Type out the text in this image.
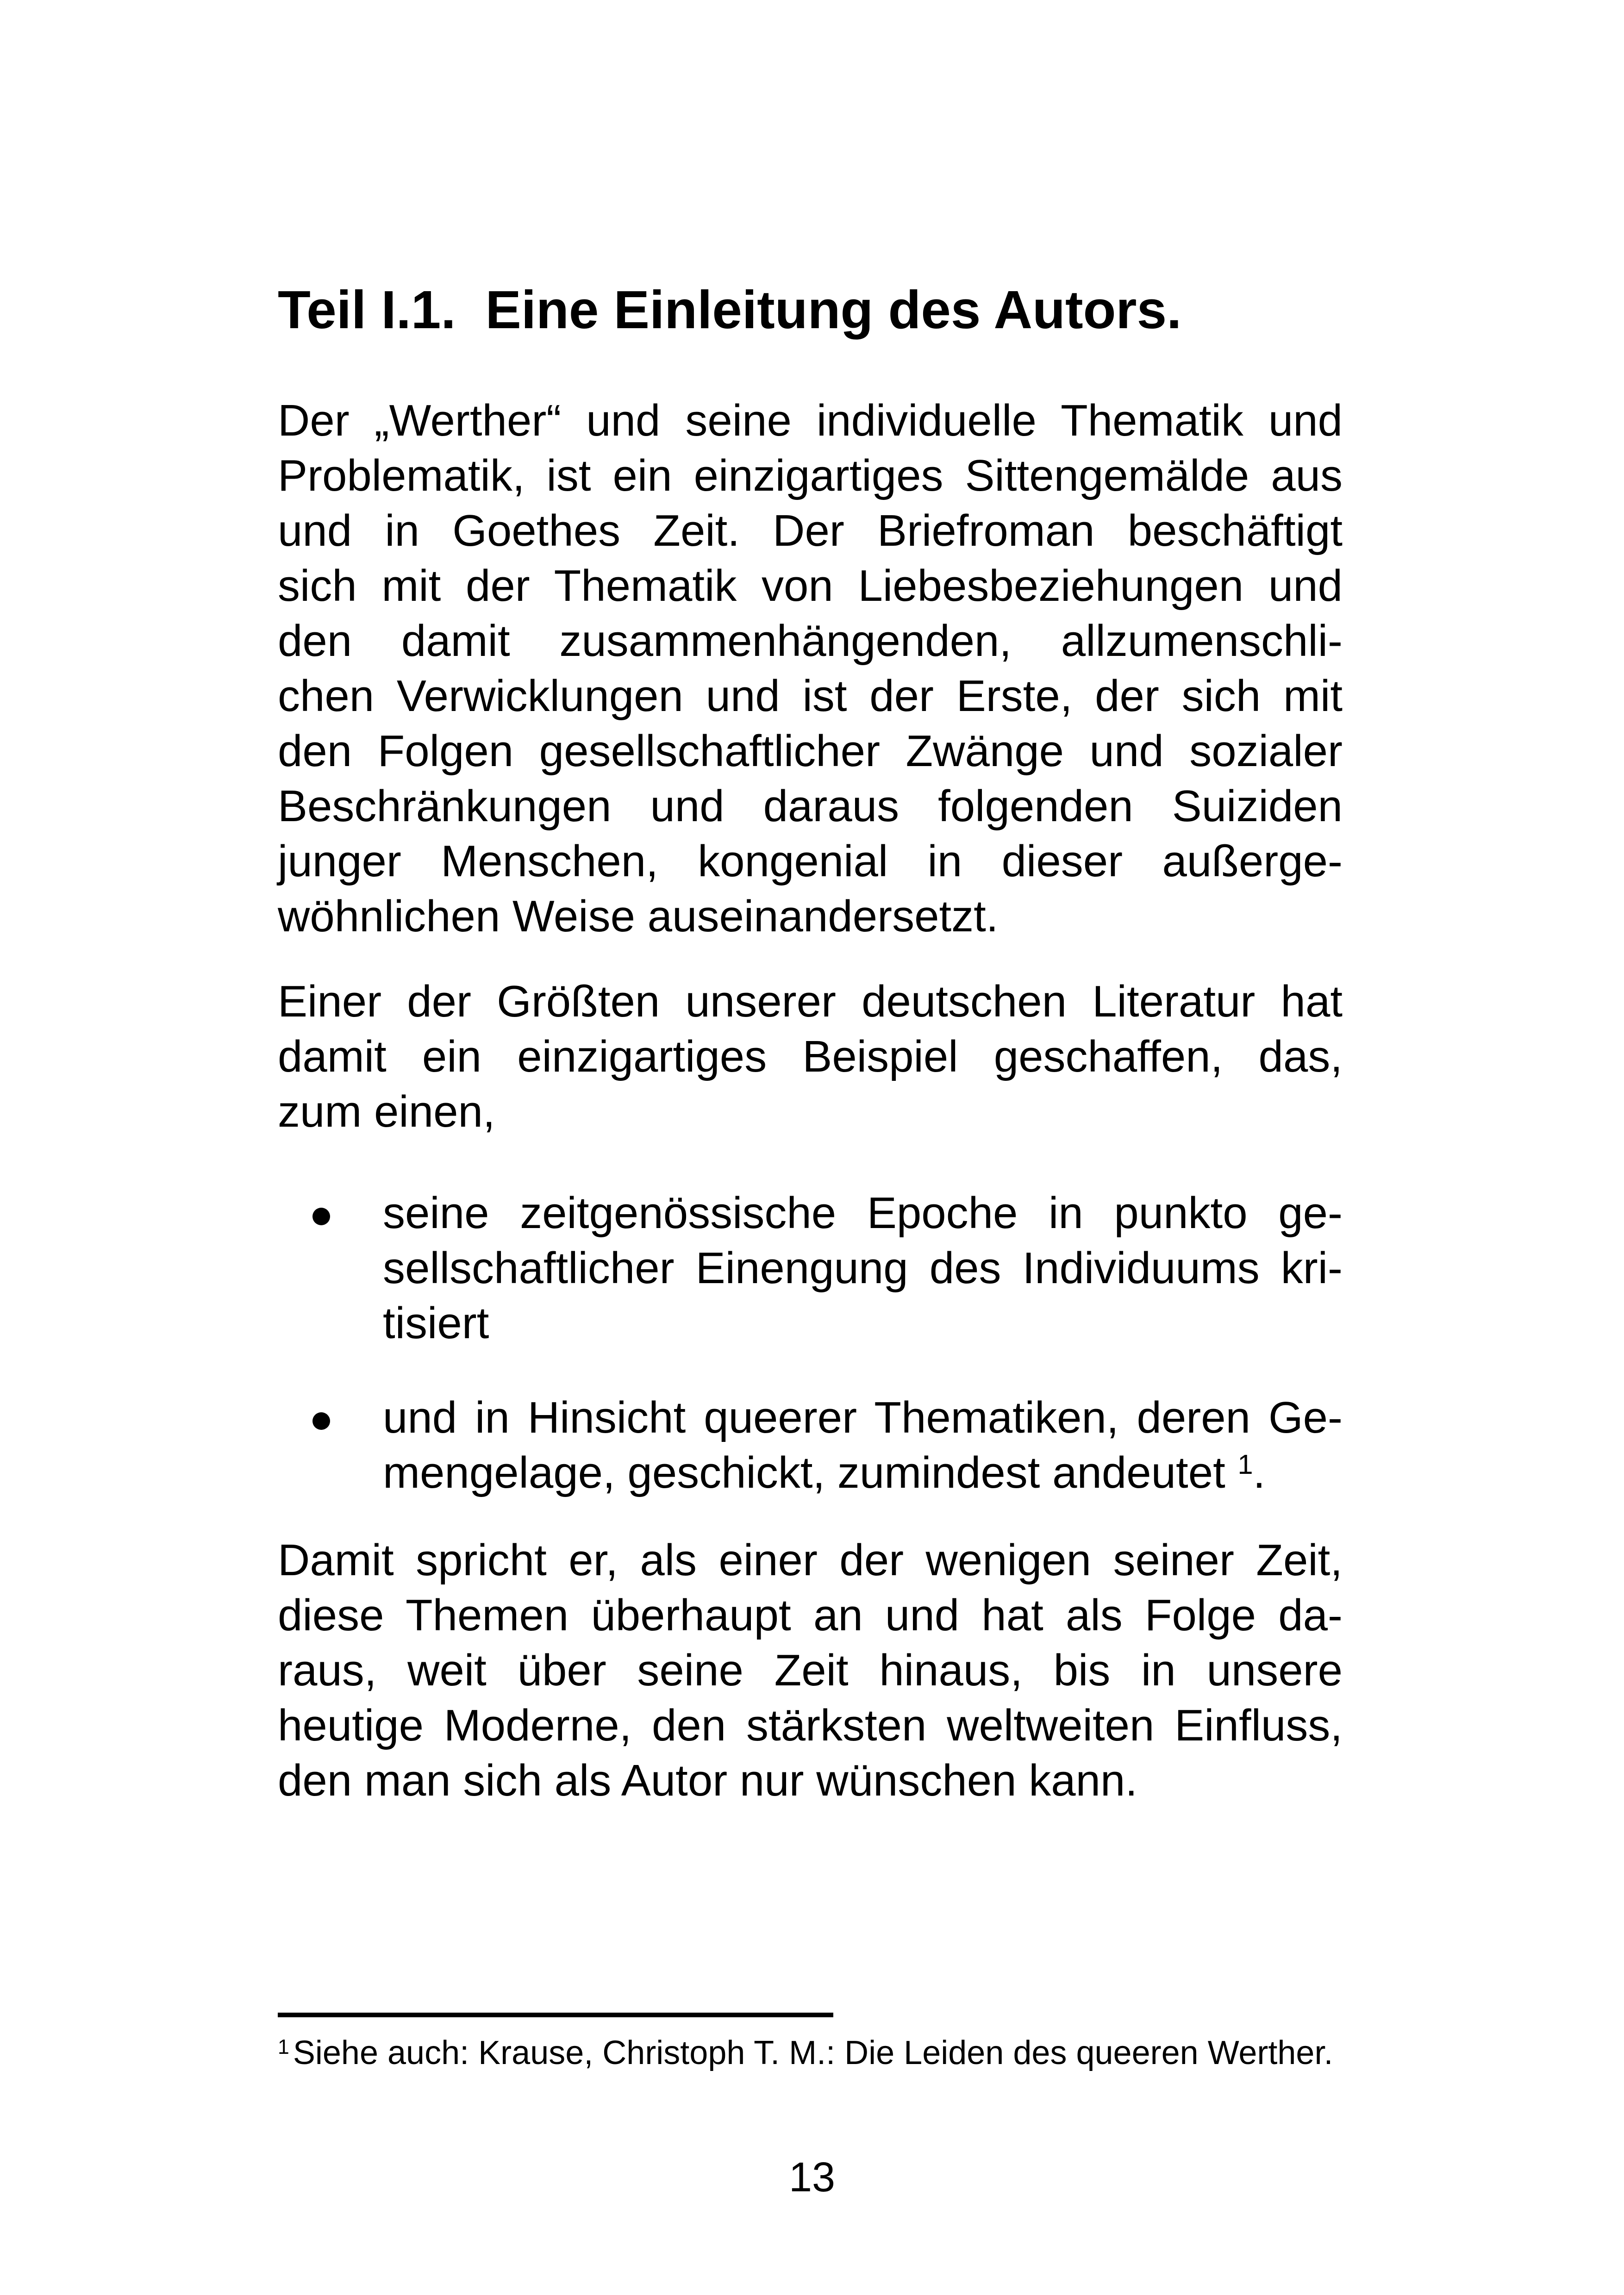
Teil I.1. Eine Einleitung des Autors.
Der „Werther“ und seine individuelle Thematik und
Problematik, ist ein einzigartiges Sittengemälde aus
und in Goethes Zeit. Der Briefroman beschäftigt
sich mit der Thematik von Liebesbeziehungen und
den damit zusammenhängenden, allzumenschli-
chen Verwicklungen und ist der Erste, der sich mit
den Folgen gesellschaftlicher Zwänge und sozialer
Beschränkungen und daraus folgenden Suiziden
junger Menschen, kongenial in dieser außerge-
wöhnlichen Weise auseinandersetzt.
Einer der Größten unserer deutschen Literatur hat
damit ein einzigartiges Beispiel geschaffen, das,
zum einen,
seine zeitgenössische Epoche in punkto ge-
sellschaftlicher Einengung des Individuums kri-
tisiert
und in Hinsicht queerer Thematiken, deren Ge-
mengelage, geschickt, zumindest andeutet $^1$.
Damit spricht er, als einer der wenigen seiner Zeit,
diese Themen überhaupt an und hat als Folge da-
raus, weit über seine Zeit hinaus, bis in unsere
heutige Moderne, den stärksten weltweiten Einfluss,
den man sich als Autor nur wünschen kann.

$^1$ Siehe auch: Krause, Christoph T. M.: Die Leiden des queeren Werther.

13
